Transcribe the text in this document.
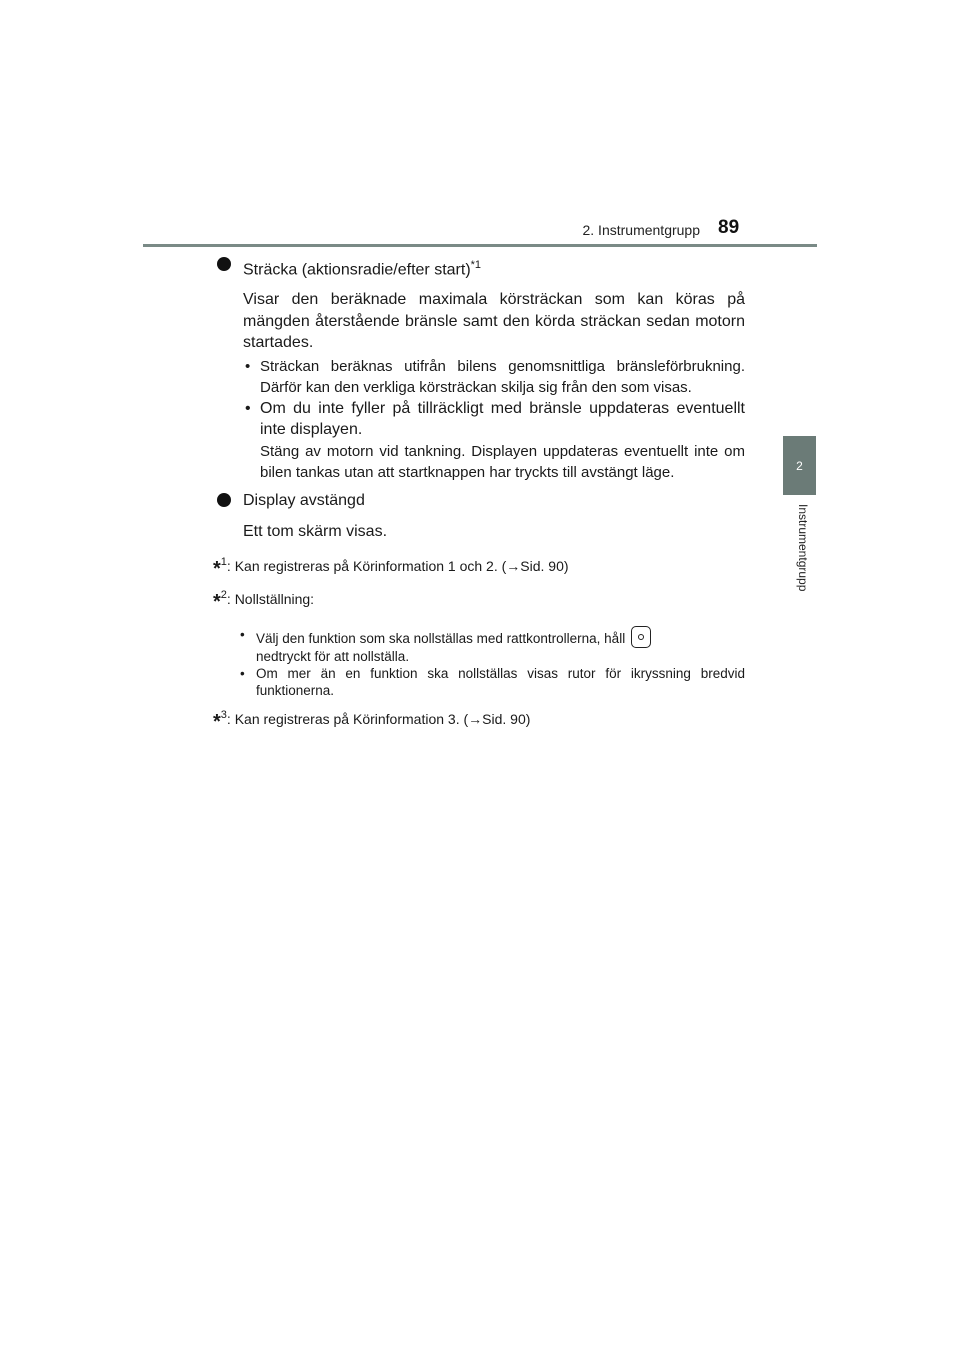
2. Instrumentgrupp 89
2
Instrumentgrupp

Sträcka (aktionsradie/efter start)$^{*1}$

Visar den beräknade maximala körsträckan som kan köras på mängden återstående bränsle samt den körda sträckan sedan motorn startades.

• Sträckan beräknas utifrån bilens genomsnittliga bränsleförbrukning. Därför kan den verkliga körsträckan skilja sig från den som visas.
• Om du inte fyller på tillräckligt med bränsle uppdateras eventuellt inte displayen.
Stäng av motorn vid tankning. Displayen uppdateras eventuellt inte om bilen tankas utan att startknappen har tryckts till avstängt läge.

Display avstängd

Ett tom skärm visas.

*$^1$: Kan registreras på Körinformation 1 och 2. (→Sid. 90)

*$^2$: Nollställning:

• Välj den funktion som ska nollställas med rattkontrollerna, håll
nedtryckt för att nollställa.
• Om mer än en funktion ska nollställas visas rutor för ikryssning bredvid funktionerna.

*$^3$: Kan registreras på Körinformation 3. (→Sid. 90)
